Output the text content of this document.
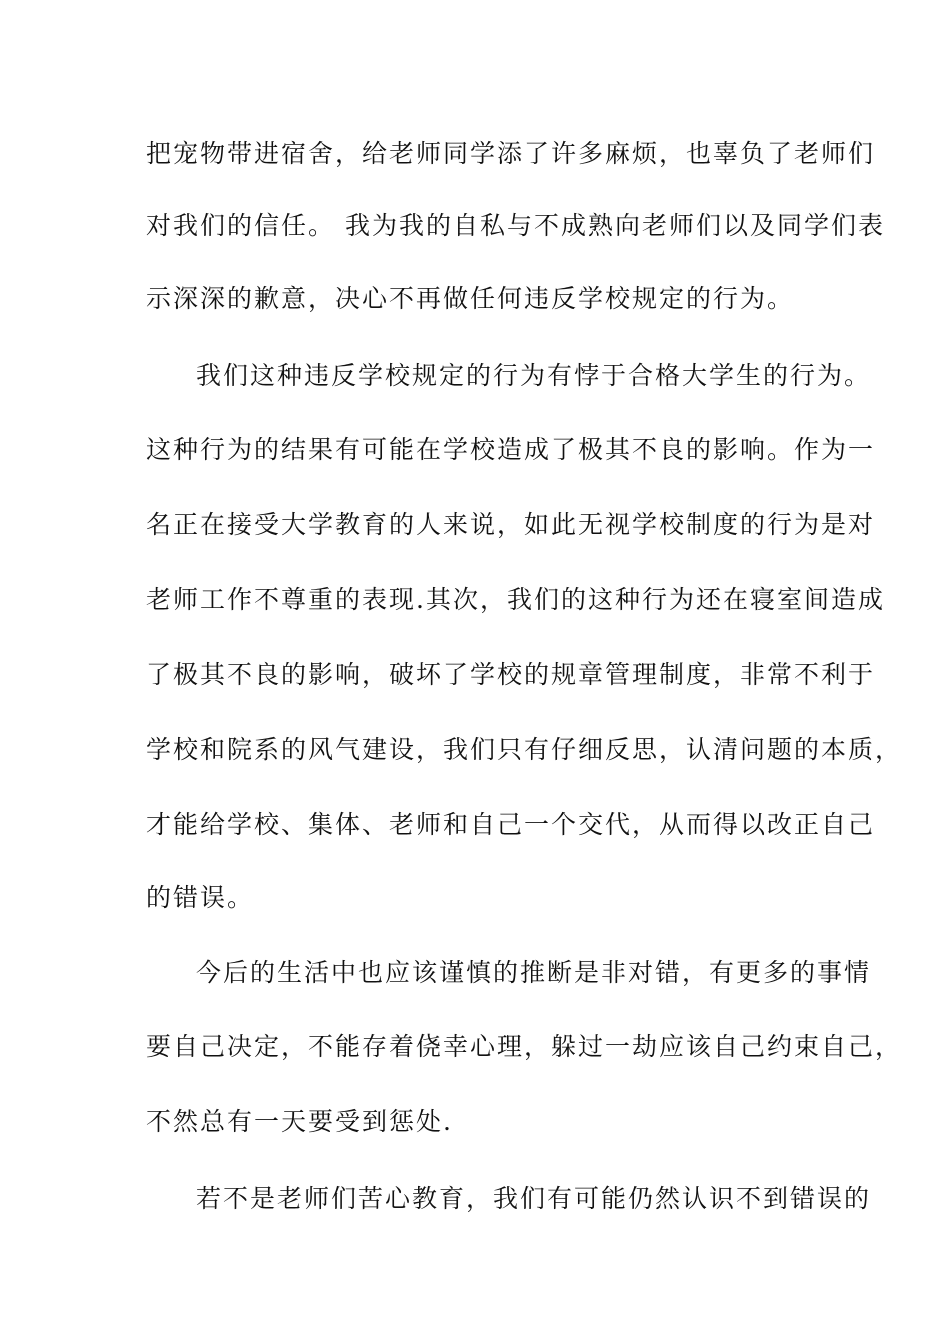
把宠物带进宿舍，给老师同学添了许多麻烦，也辜负了老师们
对我们的信任。 我为我的自私与不成熟向老师们以及同学们表
示深深的歉意，决心不再做任何违反学校规定的行为。
我们这种违反学校规定的行为有悖于合格大学生的行为。
这种行为的结果有可能在学校造成了极其不良的影响。作为一
名正在接受大学教育的人来说，如此无视学校制度的行为是对
老师工作不尊重的表现.其次，我们的这种行为还在寝室间造成
了极其不良的影响，破坏了学校的规章管理制度，非常不利于
学校和院系的风气建设，我们只有仔细反思，认清问题的本质，
才能给学校、集体、老师和自己一个交代，从而得以改正自己
的错误。
今后的生活中也应该谨慎的推断是非对错，有更多的事情
要自己决定，不能存着侥幸心理，躲过一劫应该自己约束自己，
不然总有一天要受到惩处.
若不是老师们苦心教育，我们有可能仍然认识不到错误的
